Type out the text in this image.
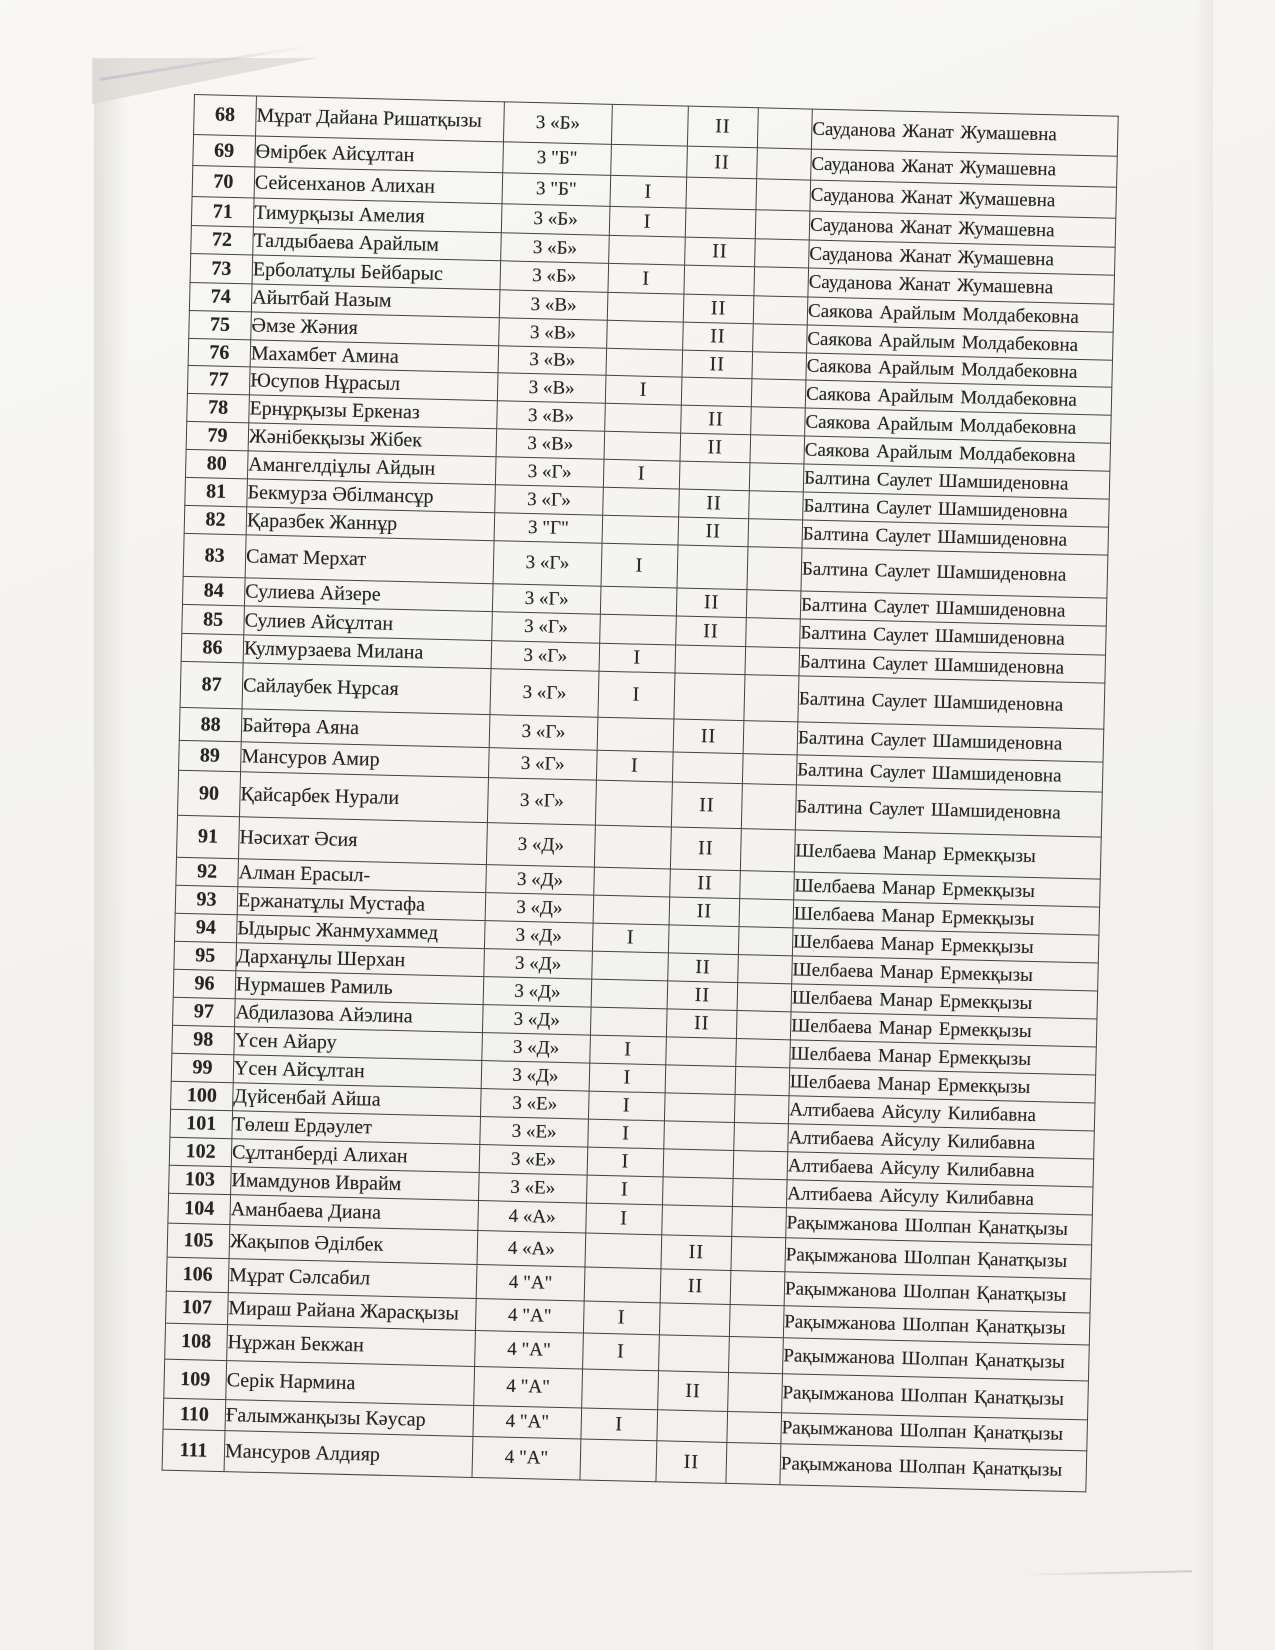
68	Мұрат Дайана Ришатқызы	3 «Б»		II		Сауданова Жанат Жумашевна
69	Өмірбек Айсұлтан	3 "Б"		II		Сауданова Жанат Жумашевна
70	Сейсенханов Алихан	3 "Б"	I			Сауданова Жанат Жумашевна
71	Тимурқызы Амелия	3 «Б»	I			Сауданова Жанат Жумашевна
72	Талдыбаева Арайлым	3 «Б»		II		Сауданова Жанат Жумашевна
73	Ерболатұлы Бейбарыс	3 «Б»	I			Сауданова Жанат Жумашевна
74	Айытбай Назым	3 «В»		II		Саякова Арайлым Молдабековна
75	Әмзе Жәния	3 «В»		II		Саякова Арайлым Молдабековна
76	Махамбет Амина	3 «В»		II		Саякова Арайлым Молдабековна
77	Юсупов Нұрасыл	3 «В»	I			Саякова Арайлым Молдабековна
78	Ернұрқызы Еркеназ	3 «В»		II		Саякова Арайлым Молдабековна
79	Жәнібекқызы Жібек	3 «В»		II		Саякова Арайлым Молдабековна
80	Амангелдіұлы Айдын	3 «Г»	I			Балтина Саулет Шамшиденовна
81	Бекмурза Әбілмансұр	3 «Г»		II		Балтина Саулет Шамшиденовна
82	Қаразбек Жаннұр	3 "Г"		II		Балтина Саулет Шамшиденовна
83	Самат Мерхат	3 «Г»	I			Балтина Саулет Шамшиденовна
84	Сулиева Айзере	3 «Г»		II		Балтина Саулет Шамшиденовна
85	Сулиев Айсұлтан	3 «Г»		II		Балтина Саулет Шамшиденовна
86	Кулмурзаева Милана	3 «Г»	I			Балтина Саулет Шамшиденовна
87	Сайлаубек Нұрсая	3 «Г»	I			Балтина Саулет Шамшиденовна
88	Байтөра Аяна	3 «Г»		II		Балтина Саулет Шамшиденовна
89	Мансуров Амир	3 «Г»	I			Балтина Саулет Шамшиденовна
90	Қайсарбек Нурали	3 «Г»		II		Балтина Саулет Шамшиденовна
91	Нәсихат Әсия	3 «Д»		II		Шелбаева Манар Ермекқызы
92	Алман Ерасыл-	3 «Д»		II		Шелбаева Манар Ермекқызы
93	Ержанатұлы Мустафа	3 «Д»		II		Шелбаева Манар Ермекқызы
94	Ыдырыс Жанмухаммед	3 «Д»	I			Шелбаева Манар Ермекқызы
95	Дарханұлы Шерхан	3 «Д»		II		Шелбаева Манар Ермекқызы
96	Нурмашев Рамиль	3 «Д»		II		Шелбаева Манар Ермекқызы
97	Абдилазова Айэлина	3 «Д»		II		Шелбаева Манар Ермекқызы
98	Үсен Айару	3 «Д»	I			Шелбаева Манар Ермекқызы
99	Үсен Айсұлтан	3 «Д»	I			Шелбаева Манар Ермекқызы
100	Дүйсенбай Айша	3 «Е»	I			Алтибаева Айсулу Килибавна
101	Төлеш Ердәулет	3 «Е»	I			Алтибаева Айсулу Килибавна
102	Сұлтанберді Алихан	3 «Е»	I			Алтибаева Айсулу Килибавна
103	Имамдунов Иврайм	3 «Е»	I			Алтибаева Айсулу Килибавна
104	Аманбаева Диана	4 «А»	I			Рақымжанова Шолпан Қанатқызы
105	Жақыпов Әділбек	4 «А»		II		Рақымжанова Шолпан Қанатқызы
106	Мұрат Сәлсабил	4 "А"		II		Рақымжанова Шолпан Қанатқызы
107	Мираш Райана Жарасқызы	4 "А"	I			Рақымжанова Шолпан Қанатқызы
108	Нұржан Бекжан	4 "А"	I			Рақымжанова Шолпан Қанатқызы
109	Серік Нармина	4 "А"		II		Рақымжанова Шолпан Қанатқызы
110	Ғалымжанқызы Кәусар	4 "А"	I			Рақымжанова Шолпан Қанатқызы
111	Мансуров Алдияр	4 "А"		II		Рақымжанова Шолпан Қанатқызы
